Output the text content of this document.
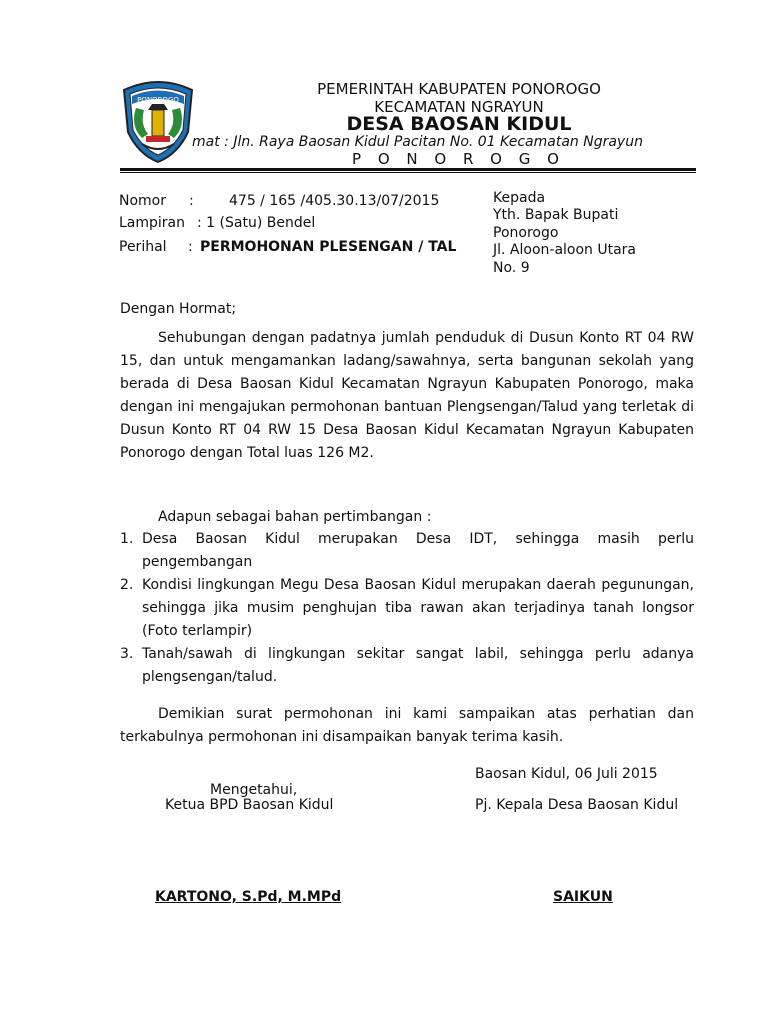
PONOROGO
PEMERINTAH KABUPATEN PONOROGO
KECAMATAN NGRAYUN
DESA BAOSAN KIDUL
mat : Jln. Raya Baosan Kidul Pacitan No. 01 Kecamatan Ngrayun
P O N O R O G O
Nomor :	475 / 165 /405.30.13/07/2015
Lampiran : 1 (Satu) Bendel
Perihal : PERMOHONAN PLESENGAN / TAL
Kepada
Yth. Bapak Bupati
Ponorogo
Jl. Aloon-aloon Utara
No. 9
Dengan Hormat;
Sehubungan dengan padatnya jumlah penduduk di Dusun Konto RT 04 RW 15, dan untuk mengamankan ladang/sawahnya, serta bangunan sekolah yang berada di Desa Baosan Kidul Kecamatan Ngrayun Kabupaten Ponorogo, maka dengan ini mengajukan permohonan bantuan Plengsengan/Talud yang terletak di Dusun Konto RT 04 RW 15 Desa Baosan Kidul Kecamatan Ngrayun Kabupaten Ponorogo dengan Total luas 126 M2.
Adapun sebagai bahan pertimbangan :
1. Desa Baosan Kidul merupakan Desa IDT, sehingga masih perlu pengembangan
2. Kondisi lingkungan Megu Desa Baosan Kidul merupakan daerah pegunungan, sehingga jika musim penghujan tiba rawan akan terjadinya tanah longsor (Foto terlampir)
3. Tanah/sawah di lingkungan sekitar sangat labil, sehingga perlu adanya plengsengan/talud.
Demikian surat permohonan ini kami sampaikan atas perhatian dan terkabulnya permohonan ini disampaikan banyak terima kasih.
Baosan Kidul, 06 Juli 2015
Mengetahui,
Ketua BPD Baosan Kidul	Pj. Kepala Desa Baosan Kidul
KARTONO, S.Pd, M.MPd	SAIKUN
